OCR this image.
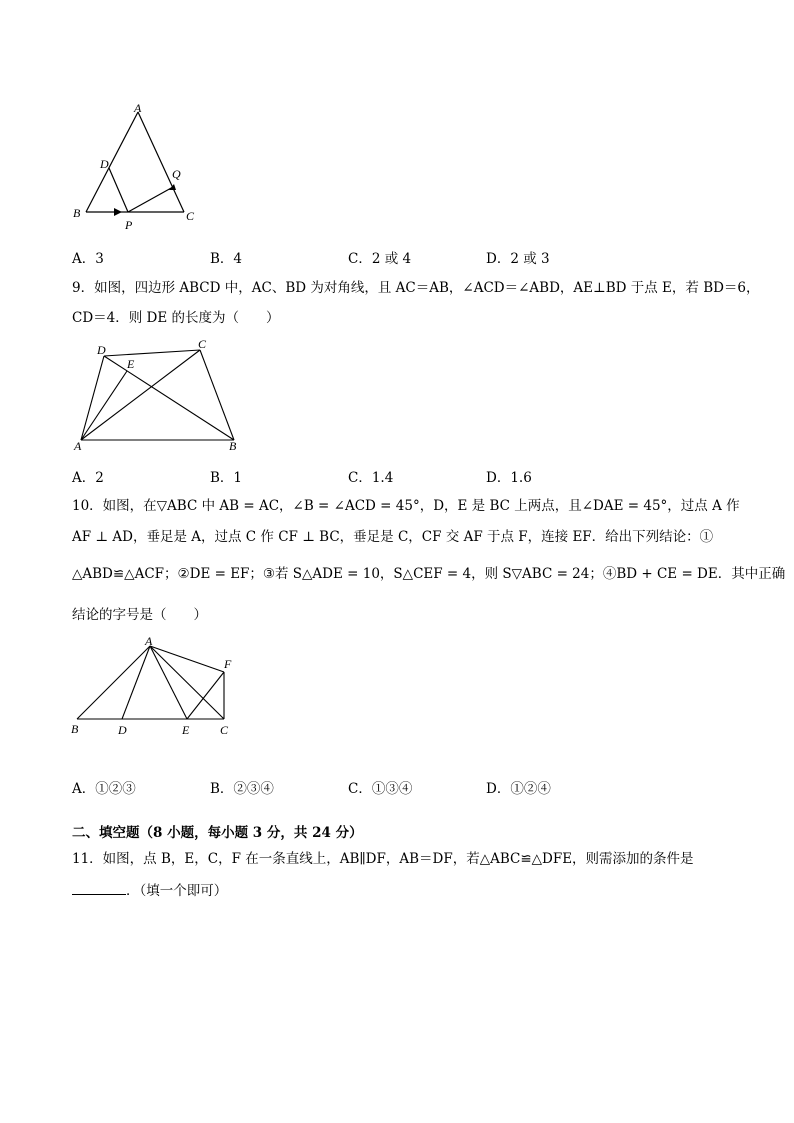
A
D
Q
B
P
C
A．3	B．4	C．2 或 4	D．2 或 3
9．如图，四边形 ABCD 中，AC、BD 为对角线，且 AC＝AB，∠ACD＝∠ABD，AE⊥BD 于点 E，若 BD＝6，
CD＝4．则 DE 的长度为（　　）
D	C
E
A	B
A．2	B．1	C．1.4	D．1.6
10．如图，在▽ABC 中 AB = AC，∠B = ∠ACD = 45°，D，E 是 BC 上两点，且∠DAE = 45°，过点 A 作
AF ⊥ AD，垂足是 A，过点 C 作 CF ⊥ BC，垂足是 C，CF 交 AF 于点 F，连接 EF．给出下列结论：①
△ABD≌△ACF；②DE = EF；③若 S△ADE = 10，S△CEF = 4，则 S▽ABC = 24；④BD + CE = DE．其中正确
结论的字号是（　　）
A
F
B	D	E	C
A．①②③	B．②③④	C．①③④	D．①②④
二、填空题（8 小题，每小题 3 分，共 24 分）
11．如图，点 B，E，C，F 在一条直线上，AB∥DF，AB＝DF，若△ABC≌△DFE，则需添加的条件是
．（填一个即可）
